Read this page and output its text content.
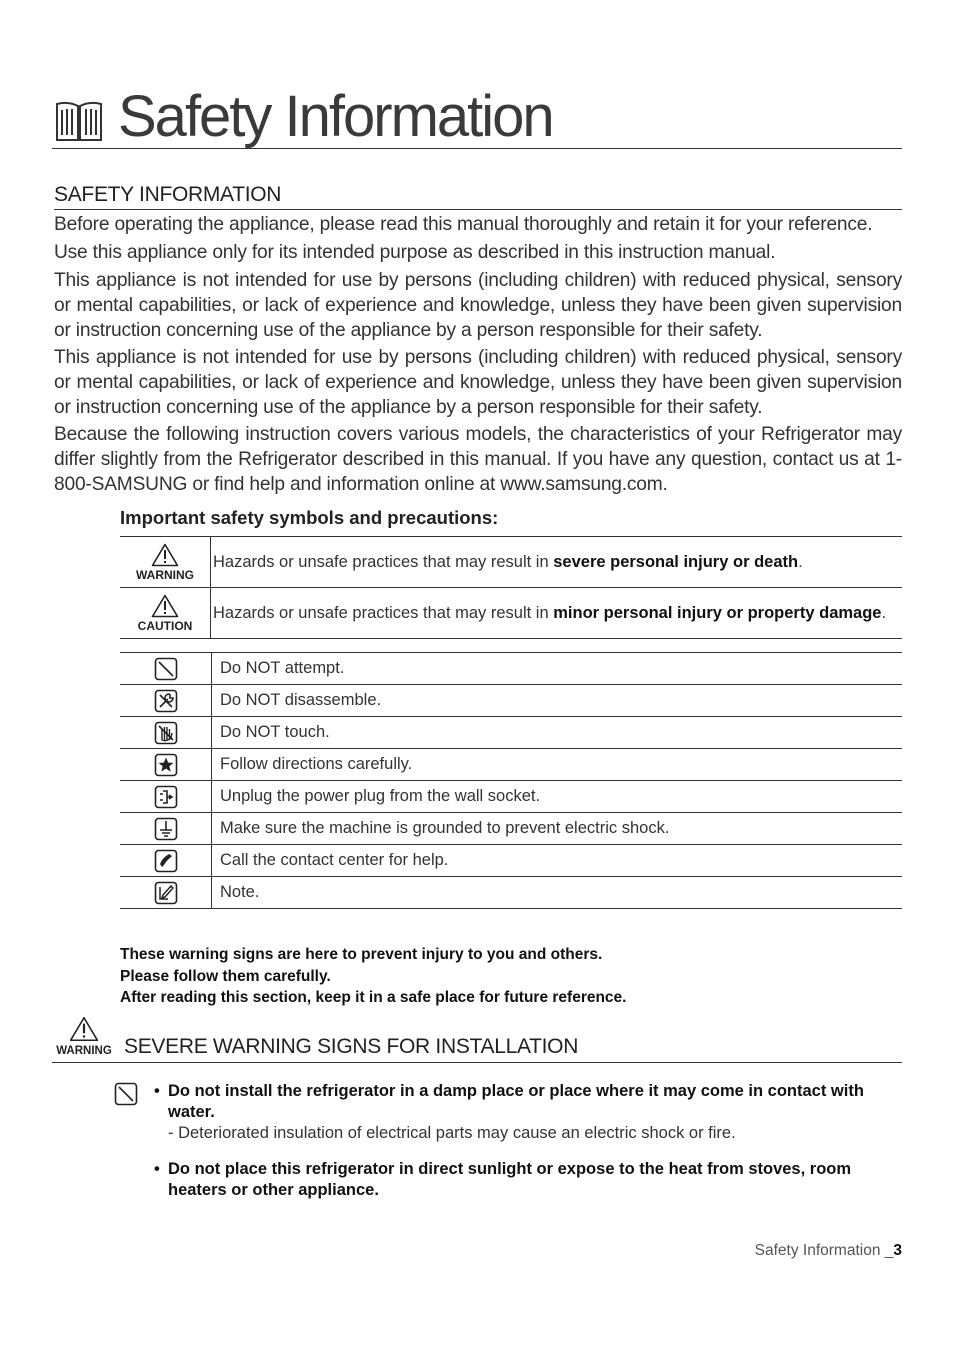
Safety Information
SAFETY INFORMATION
Before operating the appliance, please read this manual thoroughly and retain it for your reference.
Use this appliance only for its intended purpose as described in this instruction manual.
This appliance is not intended for use by persons (including children) with reduced physical, sensory or mental capabilities, or lack of experience and knowledge, unless they have been given supervision or instruction concerning use of the appliance by a person responsible for their safety.
This appliance is not intended for use by persons (including children) with reduced physical, sensory or mental capabilities, or lack of experience and knowledge, unless they have been given supervision or instruction concerning use of the appliance by a person responsible for their safety.
Because the following instruction covers various models, the characteristics of your Refrigerator may differ slightly from the Refrigerator described in this manual. If you have any question, contact us at 1-800-SAMSUNG or find help and information online at www.samsung.com.
Important safety symbols and precautions:
WARNING
Hazards or unsafe practices that may result in severe personal injury or death.
CAUTION
Hazards or unsafe practices that may result in minor personal injury or property damage.
Do NOT attempt.
Do NOT disassemble.
Do NOT touch.
Follow directions carefully.
Unplug the power plug from the wall socket.
Make sure the machine is grounded to prevent electric shock.
Call the contact center for help.
Note.
These warning signs are here to prevent injury to you and others.
Please follow them carefully.
After reading this section, keep it in a safe place for future reference.
WARNING SEVERE WARNING SIGNS FOR INSTALLATION
• Do not install the refrigerator in a damp place or place where it may come in contact with water.
- Deteriorated insulation of electrical parts may cause an electric shock or fire.
• Do not place this refrigerator in direct sunlight or expose to the heat from stoves, room heaters or other appliance.
Safety Information _3
